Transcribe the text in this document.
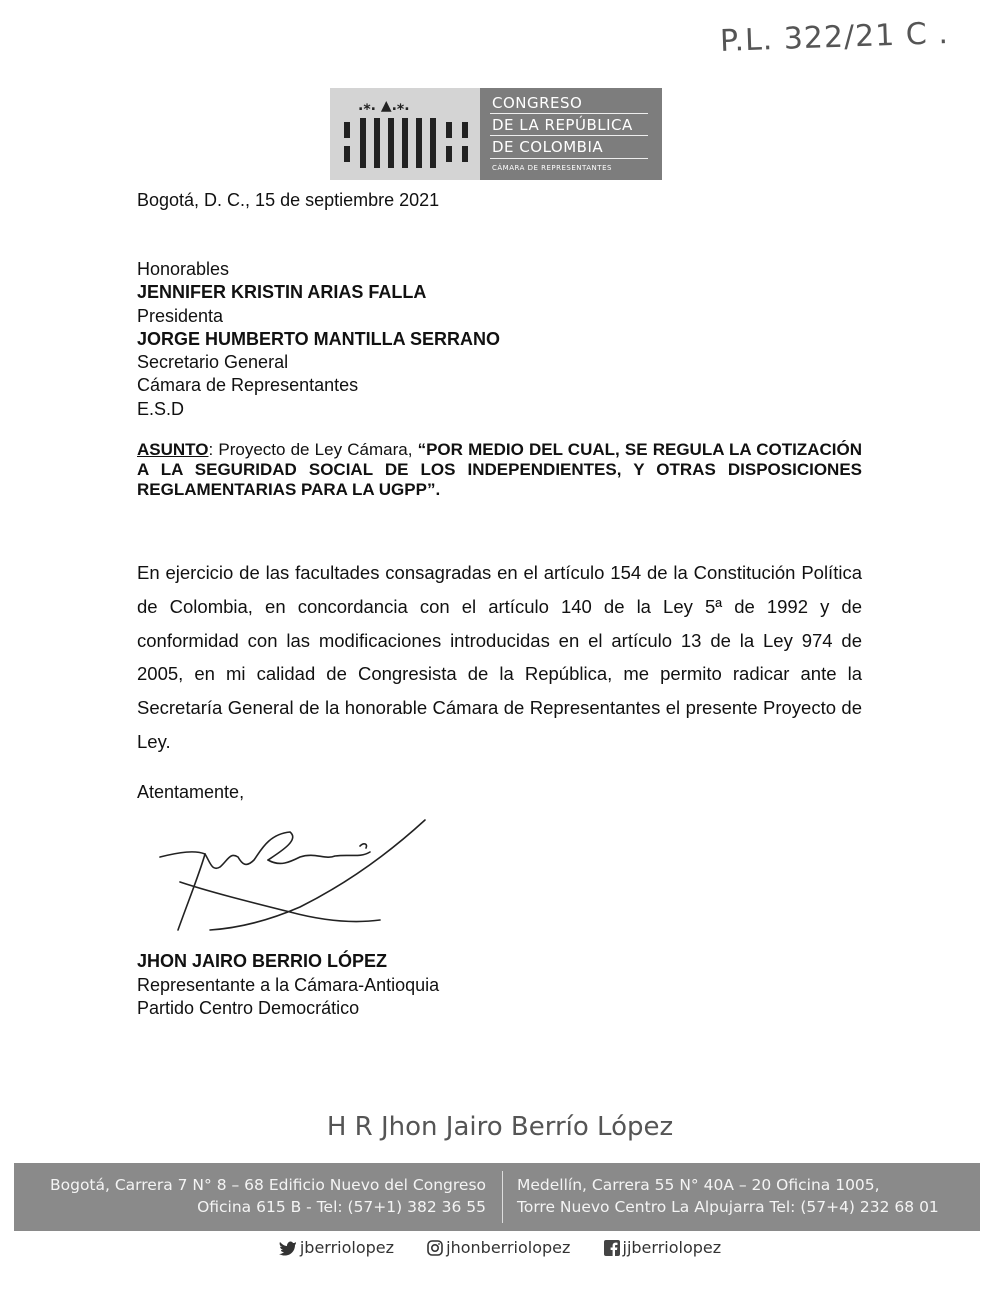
P.L. 322/21 C .
.⁎. ▲.⁎.	CONGRESO
DE LA REPÚBLICA
DE COLOMBIA
CÁMARA DE REPRESENTANTES
Bogotá, D. C., 15 de septiembre 2021
Honorables
JENNIFER KRISTIN ARIAS FALLA
Presidenta
JORGE HUMBERTO MANTILLA SERRANO
Secretario General
Cámara de Representantes
E.S.D
ASUNTO: Proyecto de Ley Cámara, “POR MEDIO DEL CUAL, SE REGULA LA COTIZACIÓN A LA SEGURIDAD SOCIAL DE LOS INDEPENDIENTES, Y OTRAS DISPOSICIONES REGLAMENTARIAS PARA LA UGPP”.
En ejercicio de las facultades consagradas en el artículo 154 de la Constitución Política de Colombia, en concordancia con el artículo 140 de la Ley 5ª de 1992 y de conformidad con las modificaciones introducidas en el artículo 13 de la Ley 974 de 2005, en mi calidad de Congresista de la República, me permito radicar ante la Secretaría General de la honorable Cámara de Representantes el presente Proyecto de Ley.
Atentamente,
JHON JAIRO BERRIO LÓPEZ
Representante a la Cámara-Antioquia
Partido Centro Democrático
H R Jhon Jairo Berrío López
Bogotá, Carrera 7 N° 8 – 68 Edificio Nuevo del Congreso
Oficina 615 B - Tel: (57+1) 382 36 55
Medellín, Carrera 55 N° 40A – 20 Oficina 1005,
Torre Nuevo Centro La Alpujarra Tel: (57+4) 232 68 01
jberriolopez
	jhonberriolopez
	jjberriolopez
